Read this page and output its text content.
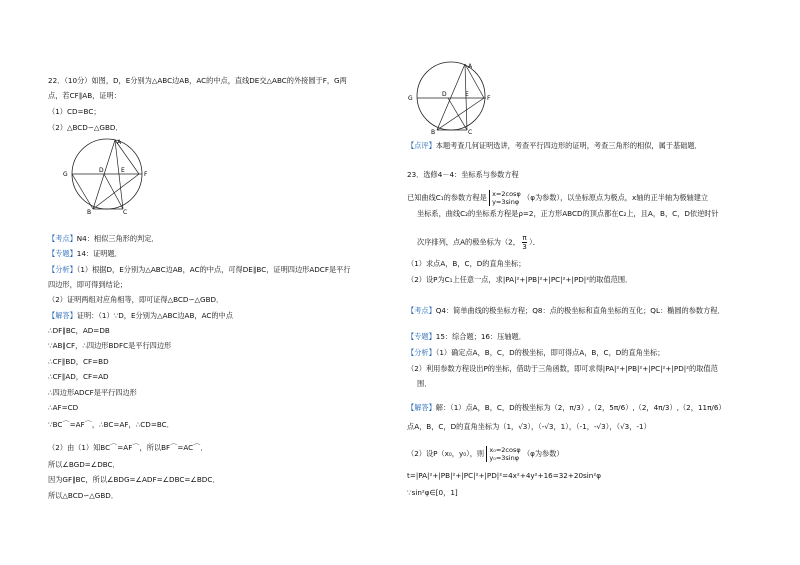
22．（10分）如图，D，E分别为△ABC边AB，AC的中点，直线DE交△ABC的外接圆于F，G两
点，若CF∥AB，证明：
（1）CD=BC；
（2）△BCD∽△GBD．
A
G
D	E
F
B	C
【考点】N4：相似三角形的判定．
【专题】14：证明题．
【分析】（1）根据D，E分别为△ABC边AB，AC的中点，可得DE∥BC，证明四边形ADCF是平行
四边形，即可得到结论；
（2）证明两组对应角相等，即可证得△BCD∽△GBD．
【解答】证明：（1）∵D，E分别为△ABC边AB，AC的中点
∴DF∥BC，AD=DB
∵AB∥CF，∴四边形BDFC是平行四边形
∴CF∥BD，CF=BD
∴CF∥AD，CF=AD
∴四边形ADCF是平行四边形
∴AF=CD
∵BC⌒=AF⌒，∴BC=AF，∴CD=BC．
（2）由（1）知BC⌒=AF⌒，所以BF⌒=AC⌒．
所以∠BGD=∠DBC．
因为GF∥BC，所以∠BDG=∠ADF=∠DBC=∠BDC．
所以△BCD∽△GBD．
A
G
D	E
F
B	C
【点评】本题考查几何证明选讲，考查平行四边形的证明，考查三角形的相似，属于基础题．
23．选修4－4：坐标系与参数方程
已知曲线C₁的参数方程是 x=2cosφ
y=3sinφ （φ为参数），以坐标原点为极点，x轴的正半轴为极轴建立
坐标系，曲线C₂的坐标系方程是ρ=2，正方形ABCD的顶点都在C₂上，且A，B，C，D依逆时针
次序排列，点A的极坐标为（2， $\frac{\pi}{3}$ ）．
（1）求点A，B，C，D的直角坐标；
（2）设P为C₁上任意一点，求|PA|²+|PB|²+|PC|²+|PD|²的取值范围．
【考点】Q4：简单曲线的极坐标方程；Q8：点的极坐标和直角坐标的互化；QL：椭圆的参数方程．
【专题】15：综合题；16：压轴题．
【分析】（1）确定点A，B，C，D的极坐标，即可得点A，B，C，D的直角坐标；
（2）利用参数方程设出P的坐标，借助于三角函数，即可求得|PA|²+|PB|²+|PC|²+|PD|²的取值范
围．
【解答】解：（1）点A，B，C，D的极坐标为（2，π/3）,（2，5π/6）,（2，4π/3）,（2，11π/6）
点A，B，C，D的直角坐标为（1，√3），（-√3，1），（-1，-√3），（√3，-1）
（2）设P（x₀，y₀），则 x₀=2cosφ
y₀=3sinφ （φ为参数）
t=|PA|²+|PB|²+|PC|²+|PD|²=4x²+4y²+16=32+20sin²φ
∵sin²φ∈[0，1]
